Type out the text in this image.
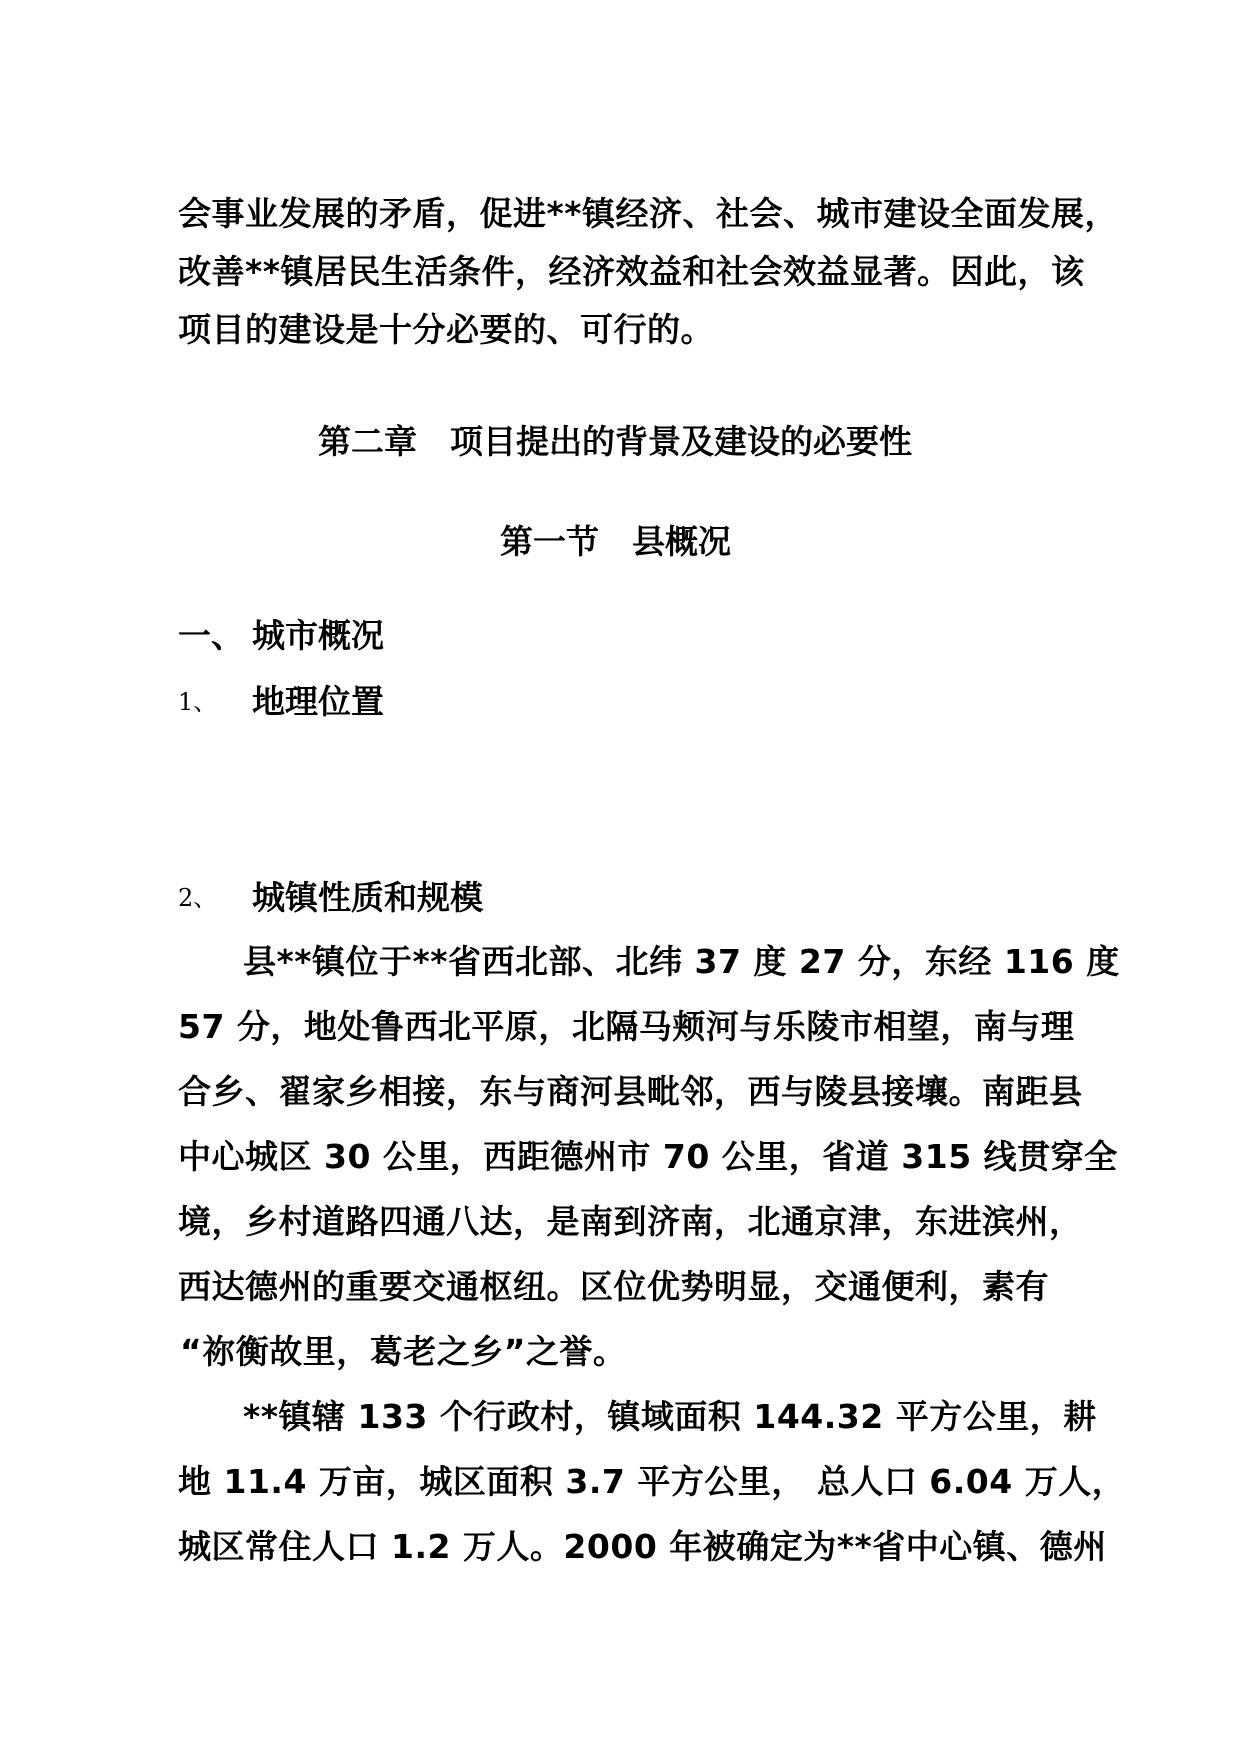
会事业发展的矛盾，促进**镇经济、社会、城市建设全面发展，
改善**镇居民生活条件，经济效益和社会效益显著。因此，该
项目的建设是十分必要的、可行的。
第二章　项目提出的背景及建设的必要性
第一节　县概况
一、 城市概况
1、 地理位置
2、 城镇性质和规模
县**镇位于**省西北部、北纬 37 度 27 分，东经 116 度
57 分，地处鲁西北平原，北隔马颊河与乐陵市相望，南与理
合乡、翟家乡相接，东与商河县毗邻，西与陵县接壤。南距县
中心城区 30 公里，西距德州市 70 公里，省道 315 线贯穿全
境，乡村道路四通八达，是南到济南，北通京津，东进滨州，
西达德州的重要交通枢纽。区位优势明显，交通便利，素有
“祢衡故里，葛老之乡”之誉。
**镇辖 133 个行政村，镇域面积 144.32 平方公里，耕
地 11.4 万亩，城区面积 3.7 平方公里， 总人口 6.04 万人，
城区常住人口 1.2 万人。2000 年被确定为**省中心镇、德州
